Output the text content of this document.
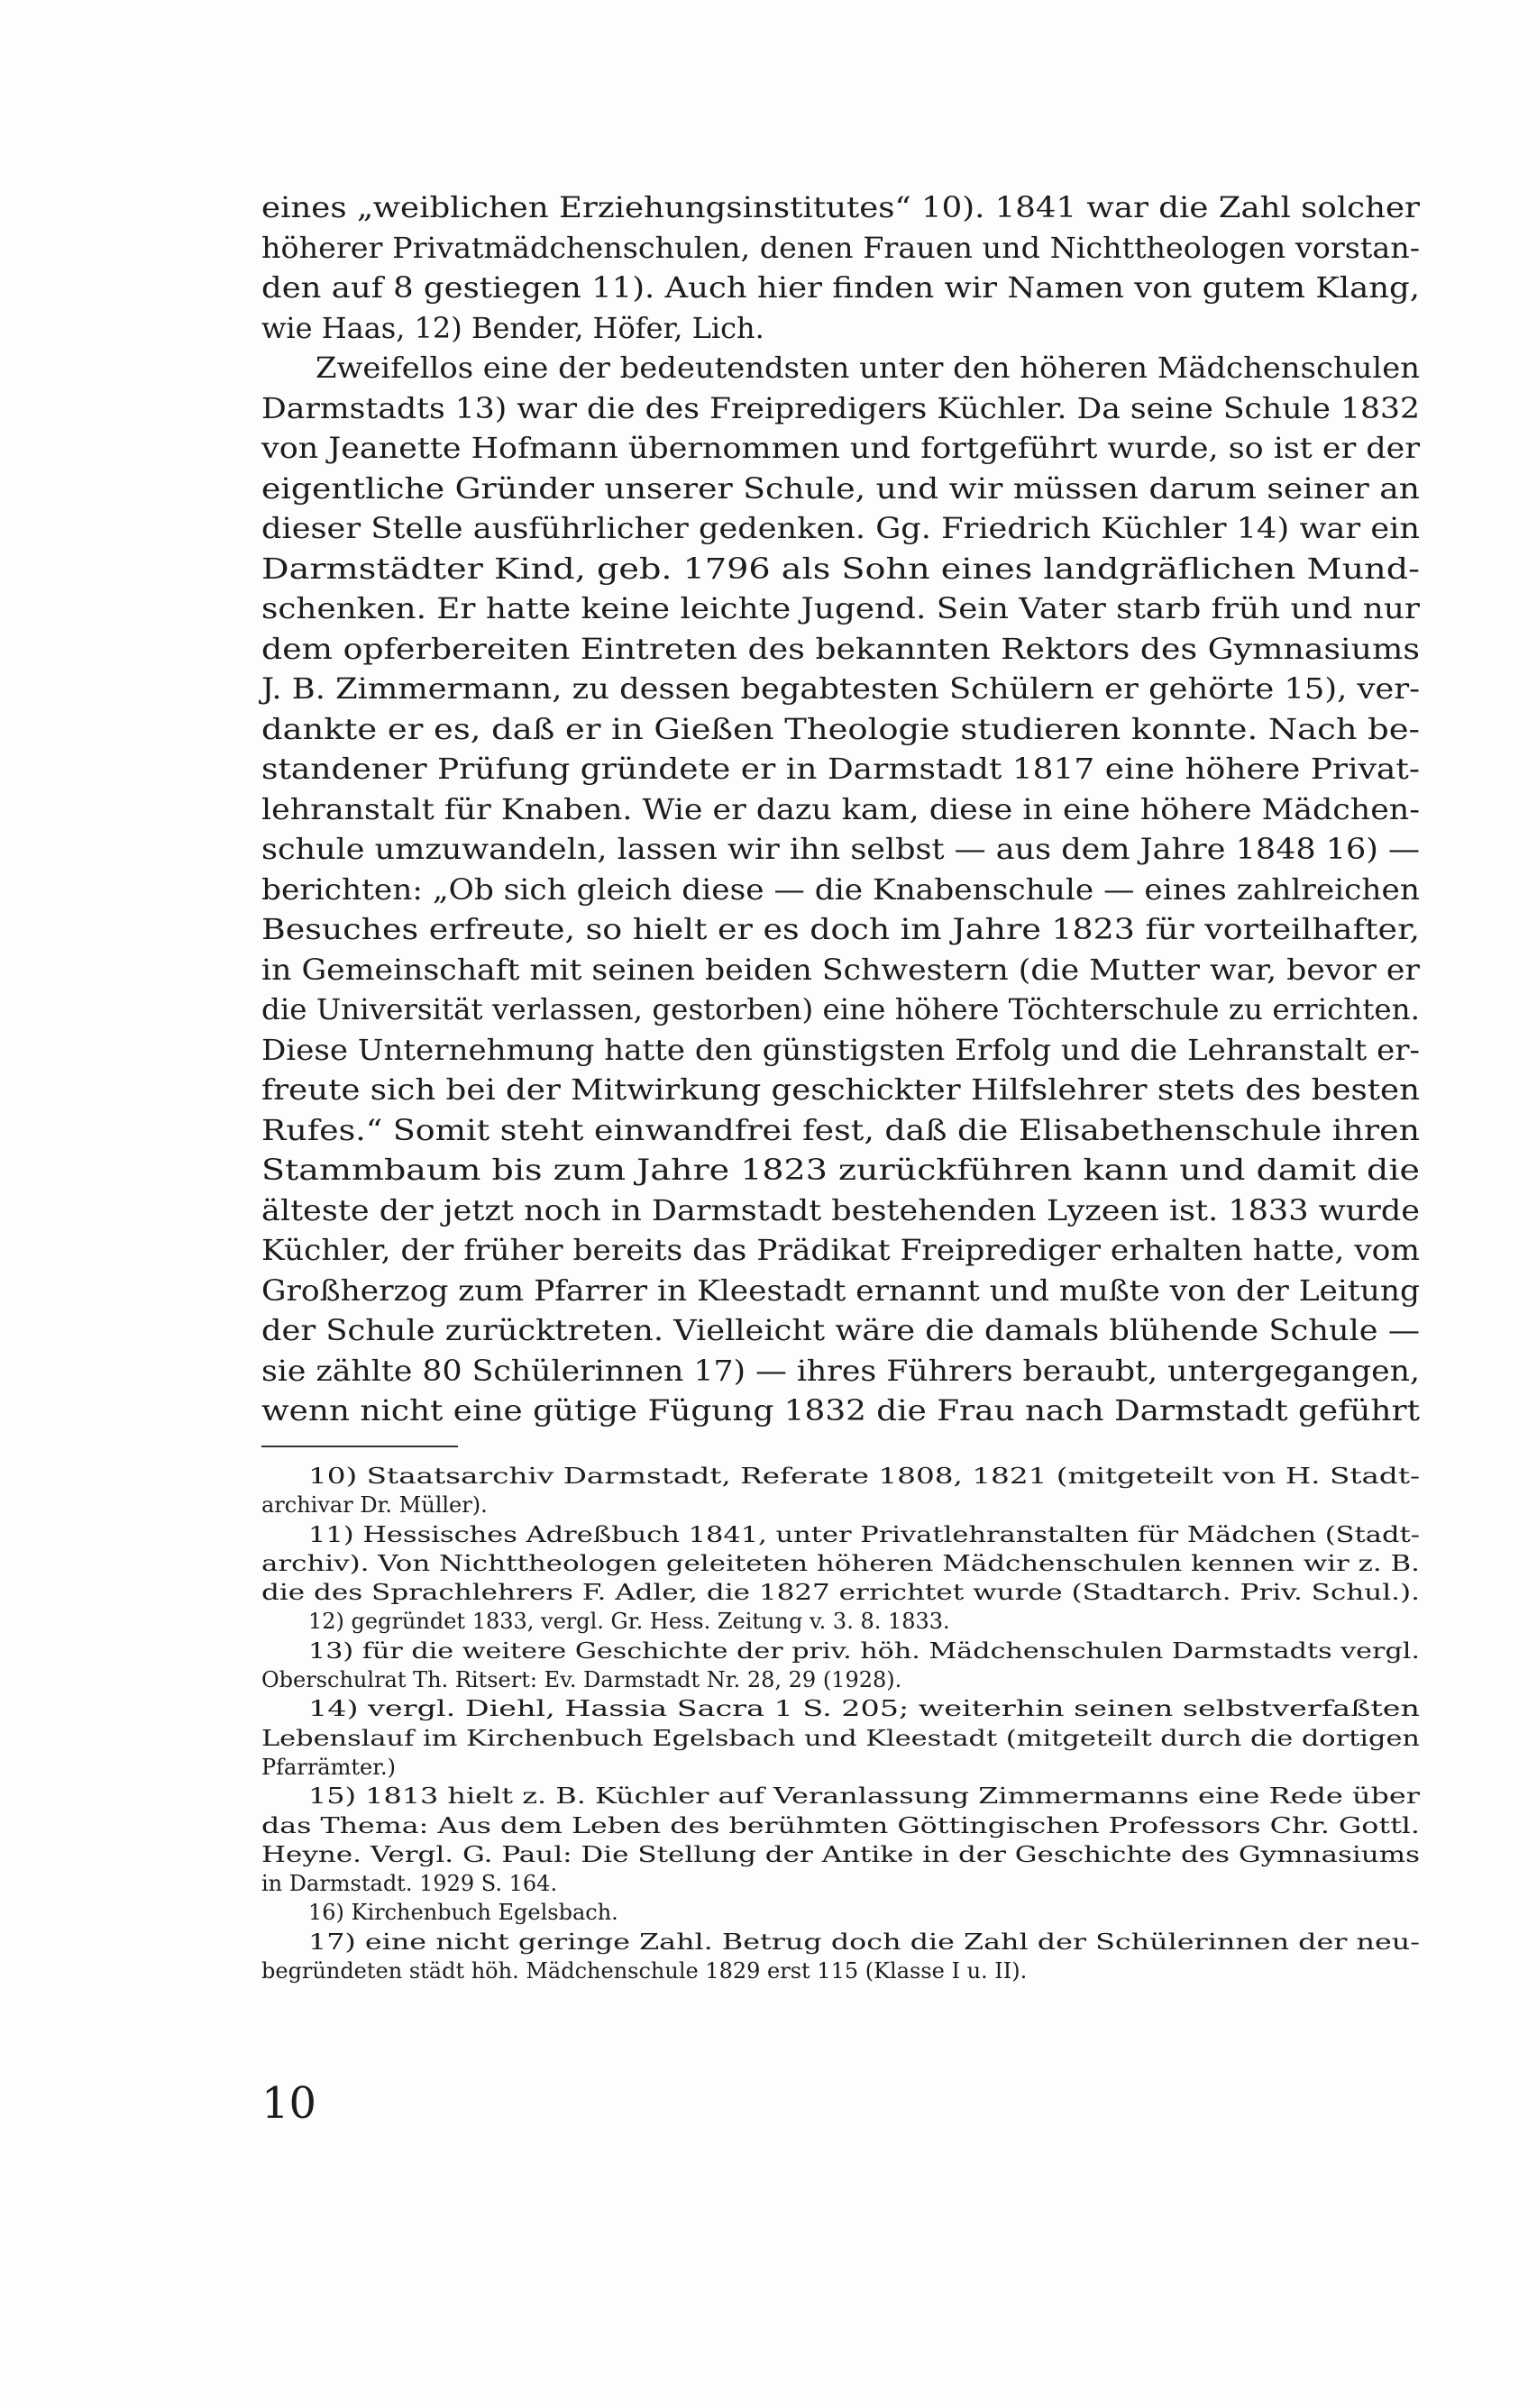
eines „weiblichen Erziehungsinstitutes“ 10). 1841 war die Zahl solcher
höherer Privatmädchenschulen, denen Frauen und Nichttheologen vorstan-
den auf 8 gestiegen 11). Auch hier finden wir Namen von gutem Klang,
wie Haas, 12) Bender, Höfer, Lich.
Zweifellos eine der bedeutendsten unter den höheren Mädchenschulen
Darmstadts 13) war die des Freipredigers Küchler. Da seine Schule 1832
von Jeanette Hofmann übernommen und fortgeführt wurde, so ist er der
eigentliche Gründer unserer Schule, und wir müssen darum seiner an
dieser Stelle ausführlicher gedenken. Gg. Friedrich Küchler 14) war ein
Darmstädter Kind, geb. 1796 als Sohn eines landgräflichen Mund-
schenken. Er hatte keine leichte Jugend. Sein Vater starb früh und nur
dem opferbereiten Eintreten des bekannten Rektors des Gymnasiums
J. B. Zimmermann, zu dessen begabtesten Schülern er gehörte 15), ver-
dankte er es, daß er in Gießen Theologie studieren konnte. Nach be-
standener Prüfung gründete er in Darmstadt 1817 eine höhere Privat-
lehranstalt für Knaben. Wie er dazu kam, diese in eine höhere Mädchen-
schule umzuwandeln, lassen wir ihn selbst — aus dem Jahre 1848 16) —
berichten: „Ob sich gleich diese — die Knabenschule — eines zahlreichen
Besuches erfreute, so hielt er es doch im Jahre 1823 für vorteilhafter,
in Gemeinschaft mit seinen beiden Schwestern (die Mutter war, bevor er
die Universität verlassen, gestorben) eine höhere Töchterschule zu errichten.
Diese Unternehmung hatte den günstigsten Erfolg und die Lehranstalt er-
freute sich bei der Mitwirkung geschickter Hilfslehrer stets des besten
Rufes.“ Somit steht einwandfrei fest, daß die Elisabethenschule ihren
Stammbaum bis zum Jahre 1823 zurückführen kann und damit die
älteste der jetzt noch in Darmstadt bestehenden Lyzeen ist. 1833 wurde
Küchler, der früher bereits das Prädikat Freiprediger erhalten hatte, vom
Großherzog zum Pfarrer in Kleestadt ernannt und mußte von der Leitung
der Schule zurücktreten. Vielleicht wäre die damals blühende Schule —
sie zählte 80 Schülerinnen 17) — ihres Führers beraubt, untergegangen,
wenn nicht eine gütige Fügung 1832 die Frau nach Darmstadt geführt
10) Staatsarchiv Darmstadt, Referate 1808, 1821 (mitgeteilt von H. Stadt-
archivar Dr. Müller).
11) Hessisches Adreßbuch 1841, unter Privatlehranstalten für Mädchen (Stadt-
archiv). Von Nichttheologen geleiteten höheren Mädchenschulen kennen wir z. B.
die des Sprachlehrers F. Adler, die 1827 errichtet wurde (Stadtarch. Priv. Schul.).
12) gegründet 1833, vergl. Gr. Hess. Zeitung v. 3. 8. 1833.
13) für die weitere Geschichte der priv. höh. Mädchenschulen Darmstadts vergl.
Oberschulrat Th. Ritsert: Ev. Darmstadt Nr. 28, 29 (1928).
14) vergl. Diehl, Hassia Sacra 1 S. 205; weiterhin seinen selbstverfaßten
Lebenslauf im Kirchenbuch Egelsbach und Kleestadt (mitgeteilt durch die dortigen
Pfarrämter.)
15) 1813 hielt z. B. Küchler auf Veranlassung Zimmermanns eine Rede über
das Thema: Aus dem Leben des berühmten Göttingischen Professors Chr. Gottl.
Heyne. Vergl. G. Paul: Die Stellung der Antike in der Geschichte des Gymnasiums
in Darmstadt. 1929 S. 164.
16) Kirchenbuch Egelsbach.
17) eine nicht geringe Zahl. Betrug doch die Zahl der Schülerinnen der neu-
begründeten städt höh. Mädchenschule 1829 erst 115 (Klasse I u. II).
10
